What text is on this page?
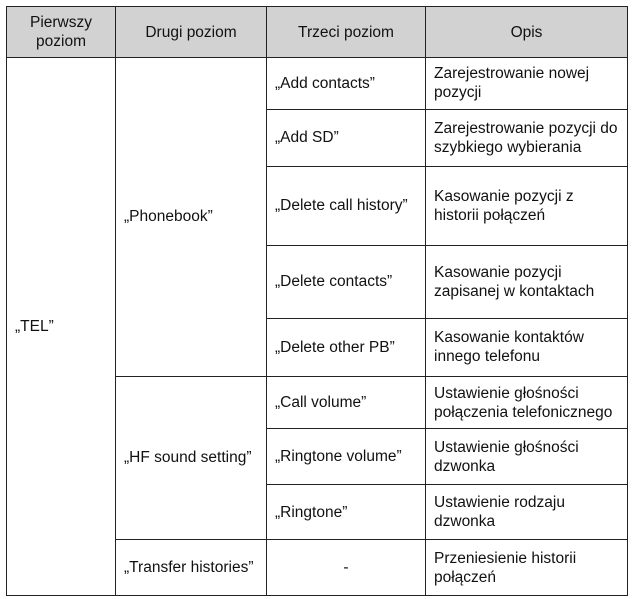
Pierwszy poziom	Drugi poziom	Trzeci poziom	Opis
„TEL”	„Phonebook”	„Add contacts”	Zarejestrowanie nowej pozycji
		„Add SD”	Zarejestrowanie pozycji do szybkiego wybierania
		„Delete call history”	Kasowanie pozycji z historii połączeń
		„Delete contacts”	Kasowanie pozycji zapisanej w kontaktach
		„Delete other PB”	Kasowanie kontaktów innego telefonu
	„HF sound setting”	„Call volume”	Ustawienie głośności połączenia telefonicznego
		„Ringtone volume”	Ustawienie głośności dzwonka
		„Ringtone”	Ustawienie rodzaju dzwonka
	„Transfer histories”	-	Przeniesienie historii połączeń
